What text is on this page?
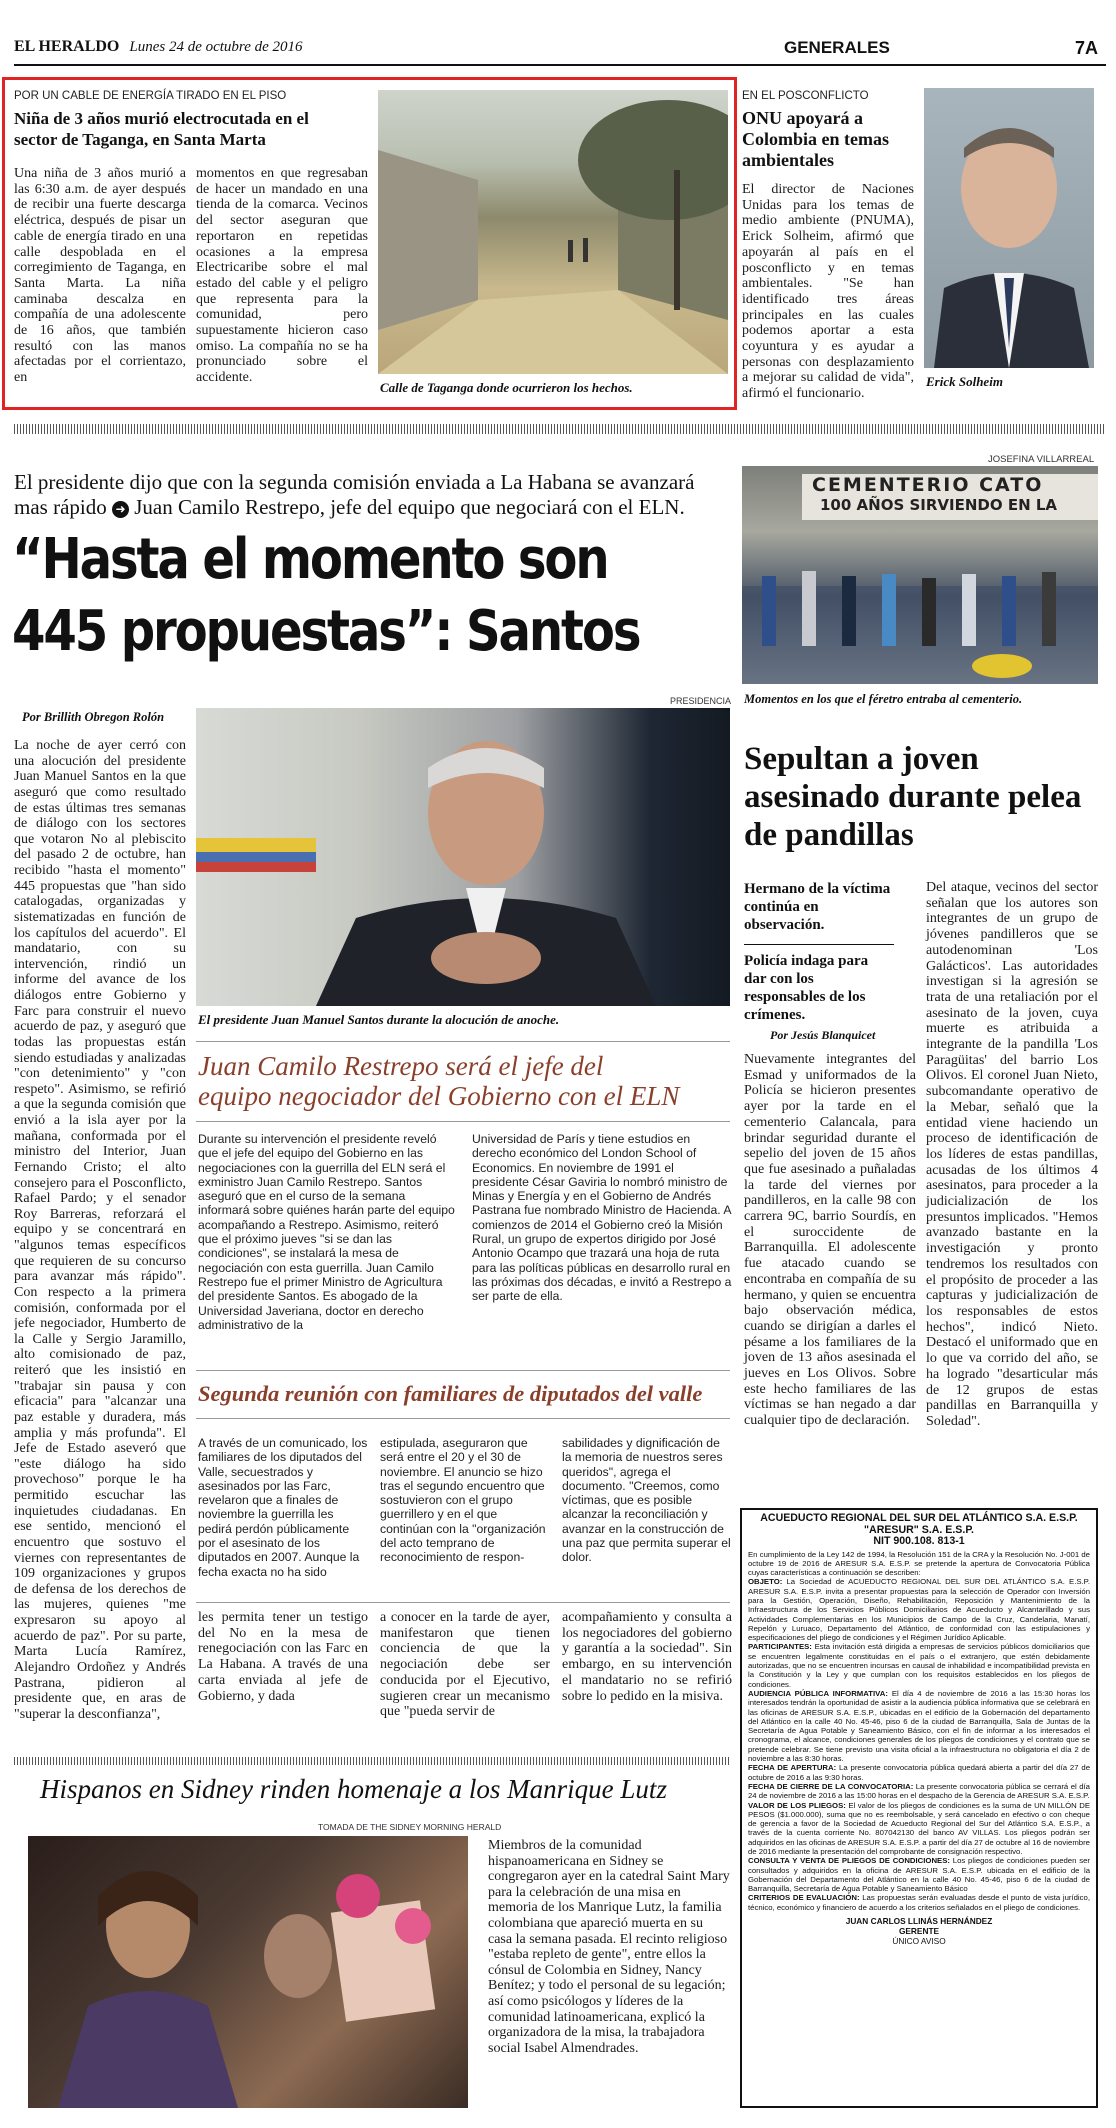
EL HERALDO Lunes 24 de octubre de 2016	GENERALES	7A
POR UN CABLE DE ENERGÍA TIRADO EN EL PISO
Niña de 3 años murió electrocutada en el sector de Taganga, en Santa Marta
Una niña de 3 años murió a las 6:30 a.m. de ayer después de recibir una fuerte descarga eléctrica, después de pisar un cable de energía tirado en una calle despoblada en el corregimiento de Taganga, en Santa Marta. La niña caminaba descalza en compañía de una adolescente de 16 años, que también resultó con las manos afectadas por el corrientazo, en
momentos en que regresaban de hacer un mandado en una tienda de la comarca. Vecinos del sector aseguran que reportaron en repetidas ocasiones a la empresa Electricaribe sobre el mal estado del cable y el peligro que representa para la comunidad, pero supuestamente hicieron caso omiso. La compañía no se ha pronunciado sobre el accidente.
Calle de Taganga donde ocurrieron los hechos.
EN EL POSCONFLICTO
ONU apoyará a Colombia en temas ambientales
El director de Naciones Unidas para los temas de medio ambiente (PNUMA), Erick Solheim, afirmó que apoyarán al país en el posconflicto y en temas ambientales. "Se han identificado tres áreas principales en las cuales podemos aportar a esta coyuntura y es ayudar a personas con desplazamiento a mejorar su calidad de vida", afirmó el funcionario.
Erick Solheim
El presidente dijo que con la segunda comisión enviada a La Habana se avanzará mas rápido ➜ Juan Camilo Restrepo, jefe del equipo que negociará con el ELN.
“Hasta el momento son
445 propuestas”: Santos
Por Brillith Obregon Rolón
PRESIDENCIA
La noche de ayer cerró con una alocución del presidente Juan Manuel Santos en la que aseguró que como resultado de estas últimas tres semanas de diálogo con los sectores que votaron No al plebiscito del pasado 2 de octubre, han recibido "hasta el momento" 445 propuestas que "han sido catalogadas, organizadas y sistematizadas en función de los capítulos del acuerdo". El mandatario, con su intervención, rindió un informe del avance de los diálogos entre Gobierno y Farc para construir el nuevo acuerdo de paz, y aseguró que todas las propuestas están siendo estudiadas y analizadas "con detenimiento" y "con respeto". Asimismo, se refirió a que la segunda comisión que envió a la isla ayer por la mañana, conformada por el ministro del Interior, Juan Fernando Cristo; el alto consejero para el Posconflicto, Rafael Pardo; y el senador Roy Barreras, reforzará el equipo y se concentrará en "algunos temas específicos que requieren de su concurso para avanzar más rápido". Con respecto a la primera comisión, conformada por el jefe negociador, Humberto de la Calle y Sergio Jaramillo, alto comisionado de paz, reiteró que les insistió en "trabajar sin pausa y con eficacia" para "alcanzar una paz estable y duradera, más amplia y más profunda". El Jefe de Estado aseveró que "este diálogo ha sido provechoso" porque le ha permitido escuchar las inquietudes ciudadanas. En ese sentido, mencionó el encuentro que sostuvo el viernes con representantes de 109 organizaciones y grupos de defensa de los derechos de las mujeres, quienes "me expresaron su apoyo al acuerdo de paz". Por su parte, Marta Lucía Ramírez, Alejandro Ordoñez y Andrés Pastrana, pidieron al presidente que, en aras de "superar la desconfianza",
El presidente Juan Manuel Santos durante la alocución de anoche.
Juan Camilo Restrepo será el jefe del
equipo negociador del Gobierno con el ELN
Durante su intervención el presidente reveló que el jefe del equipo del Gobierno en las negociaciones con la guerrilla del ELN será el exministro Juan Camilo Restrepo. Santos aseguró que en el curso de la semana informará sobre quiénes harán parte del equipo acompañando a Restrepo. Asimismo, reiteró que el próximo jueves "si se dan las condiciones", se instalará la mesa de negociación con esta guerrilla. Juan Camilo Restrepo fue el primer Ministro de Agricultura del presidente Santos. Es abogado de la Universidad Javeriana, doctor en derecho administrativo de la
Universidad de París y tiene estudios en derecho económico del London School of Economics. En noviembre de 1991 el presidente César Gaviria lo nombró ministro de Minas y Energía y en el Gobierno de Andrés Pastrana fue nombrado Ministro de Hacienda. A comienzos de 2014 el Gobierno creó la Misión Rural, un grupo de expertos dirigido por José Antonio Ocampo que trazará una hoja de ruta para las políticas públicas en desarrollo rural en las próximas dos décadas, e invitó a Restrepo a ser parte de ella.
Segunda reunión con familiares de diputados del valle
A través de un comunicado, los familiares de los diputados del Valle, secuestrados y asesinados por las Farc, revelaron que a finales de noviembre la guerrilla les pedirá perdón públicamente por el asesinato de los diputados en 2007. Aunque la fecha exacta no ha sido
estipulada, aseguraron que será entre el 20 y el 30 de noviembre. El anuncio se hizo tras el segundo encuentro que sostuvieron con el grupo guerrillero y en el que continúan con la "organización del acto temprano de reconocimiento de respon-
sabilidades y dignificación de la memoria de nuestros seres queridos", agrega el documento. "Creemos, como víctimas, que es posible alcanzar la reconciliación y avanzar en la construcción de una paz que permita superar el dolor.
les permita tener un testigo del No en la mesa de renegociación con las Farc en La Habana. A través de una carta enviada al jefe de Gobierno, y dada
a conocer en la tarde de ayer, manifestaron que tienen conciencia de que la negociación debe ser conducida por el Ejecutivo, sugieren crear un mecanismo que "pueda servir de
acompañamiento y consulta a los negociadores del gobierno y garantía a la sociedad". Sin embargo, en su intervención el mandatario no se refirió sobre lo pedido en la misiva.
JOSEFINA VILLARREAL
CEMENTERIO CATO
100 AÑOS SIRVIENDO EN LA
Momentos en los que el féretro entraba al cementerio.
Sepultan a joven asesinado durante pelea de pandillas
Hermano de la víctima continúa en observación.
Policía indaga para dar con los responsables de los crímenes.
Por Jesús Blanquicet
Nuevamente integrantes del Esmad y uniformados de la Policía se hicieron presentes ayer por la tarde en el cementerio Calancala, para brindar seguridad durante el sepelio del joven de 15 años que fue asesinado a puñaladas la tarde del viernes por pandilleros, en la calle 98 con carrera 9C, barrio Sourdís, en el suroccidente de Barranquilla. El adolescente fue atacado cuando se encontraba en compañía de su hermano, y quien se encuentra bajo observación médica, cuando se dirigían a darles el pésame a los familiares de la joven de 13 años asesinada el jueves en Los Olivos. Sobre este hecho familiares de las víctimas se han negado a dar cualquier tipo de declaración.
Del ataque, vecinos del sector señalan que los autores son integrantes de un grupo de jóvenes pandilleros que se autodenominan 'Los Galácticos'. Las autoridades investigan si la agresión se trata de una retaliación por el asesinato de la joven, cuya muerte es atribuida a integrante de la pandilla 'Los Paragüitas' del barrio Los Olivos. El coronel Juan Nieto, subcomandante operativo de la Mebar, señaló que la entidad viene haciendo un proceso de identificación de los líderes de estas pandillas, acusadas de los últimos 4 asesinatos, para proceder a la judicialización de los presuntos implicados. "Hemos avanzado bastante en la investigación y pronto tendremos los resultados con el propósito de proceder a las capturas y judicialización de los responsables de estos hechos", indicó Nieto. Destacó el uniformado que en lo que va corrido del año, se ha logrado "desarticular más de 12 grupos de estas pandillas en Barranquilla y Soledad".
ACUEDUCTO REGIONAL DEL SUR DEL ATLÁNTICO S.A. E.S.P.
"ARESUR" S.A. E.S.P.
NIT 900.108. 813-1
En cumplimiento de la Ley 142 de 1994, la Resolución 151 de la CRA y la Resolución No. J-001 de octubre 19 de 2016 de ARESUR S.A. E.S.P. se pretende la apertura de Convocatoria Pública cuyas características a continuación se describen:
OBJETO: La Sociedad de ACUEDUCTO REGIONAL DEL SUR DEL ATLÁNTICO S.A. E.S.P. ARESUR S.A. E.S.P. invita a presentar propuestas para la selección de Operador con Inversión para la Gestión, Operación, Diseño, Rehabilitación, Reposición y Mantenimiento de la Infraestructura de los Servicios Públicos Domiciliarios de Acueducto y Alcantarillado y sus Actividades Complementarias en los Municipios de Campo de la Cruz, Candelaria, Manatí, Repelón y Luruaco, Departamento del Atlántico, de conformidad con las estipulaciones y especificaciones del pliego de condiciones y el Régimen Jurídico Aplicable.
PARTICIPANTES: Esta invitación está dirigida a empresas de servicios públicos domiciliarios que se encuentren legalmente constituidas en el país o el extranjero, que estén debidamente autorizadas, que no se encuentren incursas en causal de inhabilidad e incompatibilidad prevista en la Constitución y la Ley y que cumplan con los requisitos establecidos en los pliegos de condiciones.
AUDIENCIA PÚBLICA INFORMATIVA: El día 4 de noviembre de 2016 a las 15:30 horas los interesados tendrán la oportunidad de asistir a la audiencia pública informativa que se celebrará en las oficinas de ARESUR S.A. E.S.P., ubicadas en el edificio de la Gobernación del departamento del Atlántico en la calle 40 No. 45-46, piso 6 de la ciudad de Barranquilla, Sala de Juntas de la Secretaría de Agua Potable y Saneamiento Básico, con el fin de informar a los interesados el cronograma, el alcance, condiciones generales de los pliegos de condiciones y el contrato que se pretende celebrar. Se tiene previsto una visita oficial a la infraestructura no obligatoria el día 2 de noviembre a las 8:30 horas.
FECHA DE APERTURA: La presente convocatoria pública quedará abierta a partir del día 27 de octubre de 2016 a las 9:30 horas.
FECHA DE CIERRE DE LA CONVOCATORIA: La presente convocatoria pública se cerrará el día 24 de noviembre de 2016 a las 15:00 horas en el despacho de la Gerencia de ARESUR S.A. E.S.P.
VALOR DE LOS PLIEGOS: El valor de los pliegos de condiciones es la suma de UN MILLÓN DE PESOS ($1.000.000), suma que no es reembolsable, y será cancelado en efectivo o con cheque de gerencia a favor de la Sociedad de Acueducto Regional del Sur del Atlántico S.A. E.S.P., a través de la cuenta corriente No. 807042130 del banco AV VILLAS. Los pliegos podrán ser adquiridos en las oficinas de ARESUR S.A. E.S.P. a partir del día 27 de octubre al 16 de noviembre de 2016 mediante la presentación del comprobante de consignación respectivo.
CONSULTA Y VENTA DE PLIEGOS DE CONDICIONES: Los pliegos de condiciones pueden ser consultados y adquiridos en la oficina de ARESUR S.A. E.S.P. ubicada en el edificio de la Gobernación del Departamento del Atlántico en la calle 40 No. 45-46, piso 6 de la ciudad de Barranquilla, Secretaría de Agua Potable y Saneamiento Básico
CRITERIOS DE EVALUACIÓN: Las propuestas serán evaluadas desde el punto de vista jurídico, técnico, económico y financiero de acuerdo a los criterios señalados en el pliego de condiciones.
JUAN CARLOS LLINÁS HERNÁNDEZ
GERENTE
ÚNICO AVISO
Hispanos en Sidney rinden homenaje a los Manrique Lutz
TOMADA DE THE SIDNEY MORNING HERALD
Miembros de la comunidad hispanoamericana en Sidney se congregaron ayer en la catedral Saint Mary para la celebración de una misa en memoria de los Manrique Lutz, la familia colombiana que apareció muerta en su casa la semana pasada. El recinto religioso "estaba repleto de gente", entre ellos la cónsul de Colombia en Sidney, Nancy Benítez; y todo el personal de su legación; así como psicólogos y líderes de la comunidad latinoamericana, explicó la organizadora de la misa, la trabajadora social Isabel Almendrades.
